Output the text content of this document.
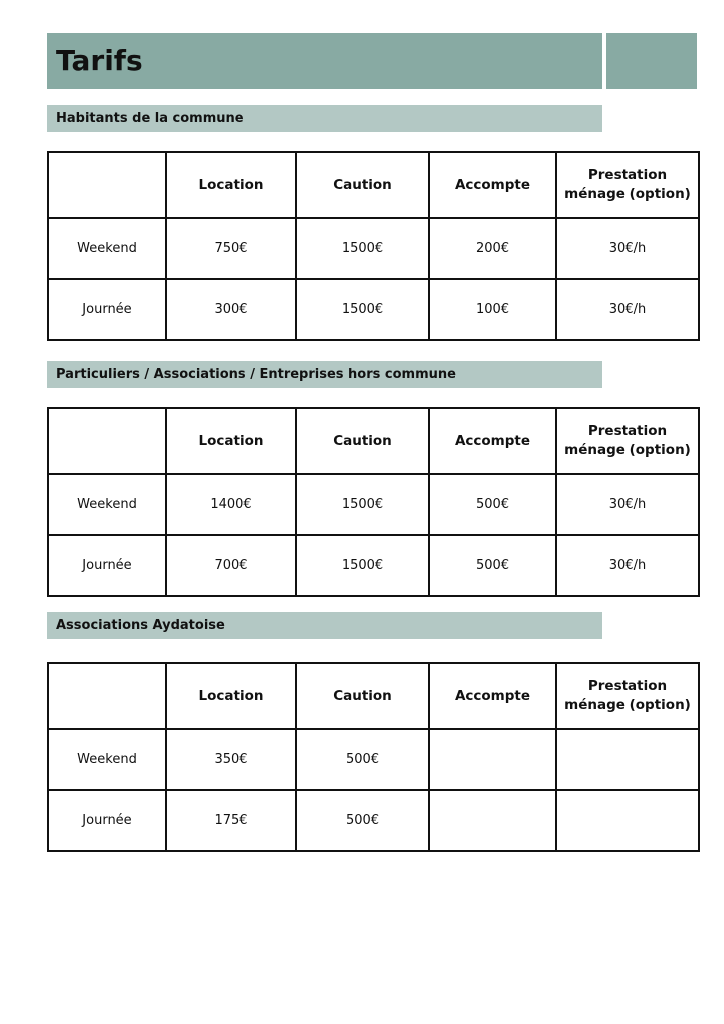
Tarifs
Habitants de la commune
	Location	Caution	Accompte	Prestation
ménage (option)
Weekend	750€	1500€	200€	30€/h
Journée	300€	1500€	100€	30€/h
Particuliers / Associations / Entreprises hors commune
	Location	Caution	Accompte	Prestation
ménage (option)
Weekend	1400€	1500€	500€	30€/h
Journée	700€	1500€	500€	30€/h
Associations Aydatoise
	Location	Caution	Accompte	Prestation
ménage (option)
Weekend	350€	500€		
Journée	175€	500€		
